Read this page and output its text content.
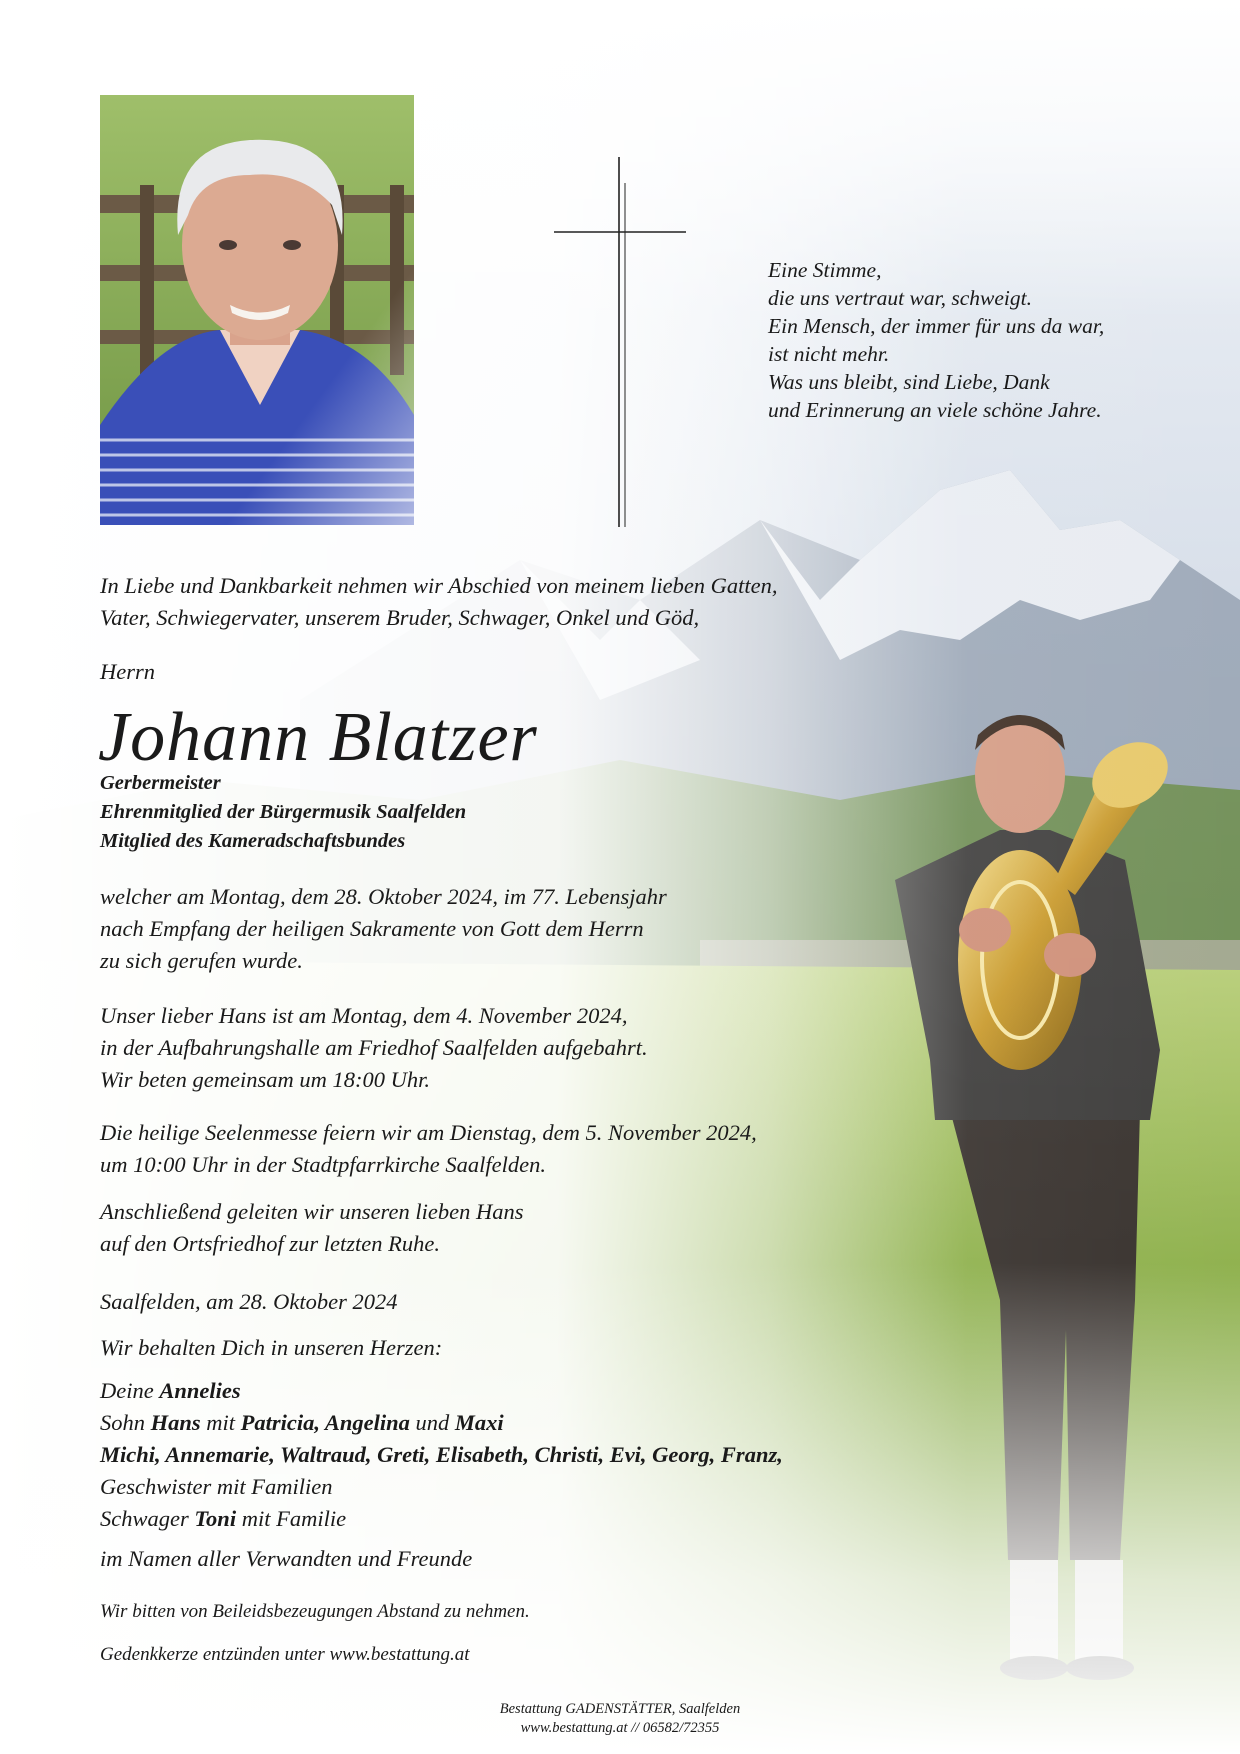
Eine Stimme,
die uns vertraut war, schweigt.
Ein Mensch, der immer für uns da war,
ist nicht mehr.
Was uns bleibt, sind Liebe, Dank
und Erinnerung an viele schöne Jahre.
In Liebe und Dankbarkeit nehmen wir Abschied von meinem lieben Gatten,
Vater, Schwiegervater, unserem Bruder, Schwager, Onkel und Göd,
Herrn
Johann Blatzer
Gerbermeister
Ehrenmitglied der Bürgermusik Saalfelden
Mitglied des Kameradschaftsbundes
welcher am Montag, dem 28. Oktober 2024, im 77. Lebensjahr
nach Empfang der heiligen Sakramente von Gott dem Herrn
zu sich gerufen wurde.
Unser lieber Hans ist am Montag, dem 4. November 2024,
in der Aufbahrungshalle am Friedhof Saalfelden aufgebahrt.
Wir beten gemeinsam um 18:00 Uhr.
Die heilige Seelenmesse feiern wir am Dienstag, dem 5. November 2024,
um 10:00 Uhr in der Stadtpfarrkirche Saalfelden.
Anschließend geleiten wir unseren lieben Hans
auf den Ortsfriedhof zur letzten Ruhe.
Saalfelden, am 28. Oktober 2024
Wir behalten Dich in unseren Herzen:
Deine Annelies
Sohn Hans mit Patricia, Angelina und Maxi
Michi, Annemarie, Waltraud, Greti, Elisabeth, Christi, Evi, Georg, Franz,
Geschwister mit Familien
Schwager Toni mit Familie
im Namen aller Verwandten und Freunde
Wir bitten von Beileidsbezeugungen Abstand zu nehmen.
Gedenkkerze entzünden unter www.bestattung.at
Bestattung GADENSTÄTTER, Saalfelden
www.bestattung.at // 06582/72355
